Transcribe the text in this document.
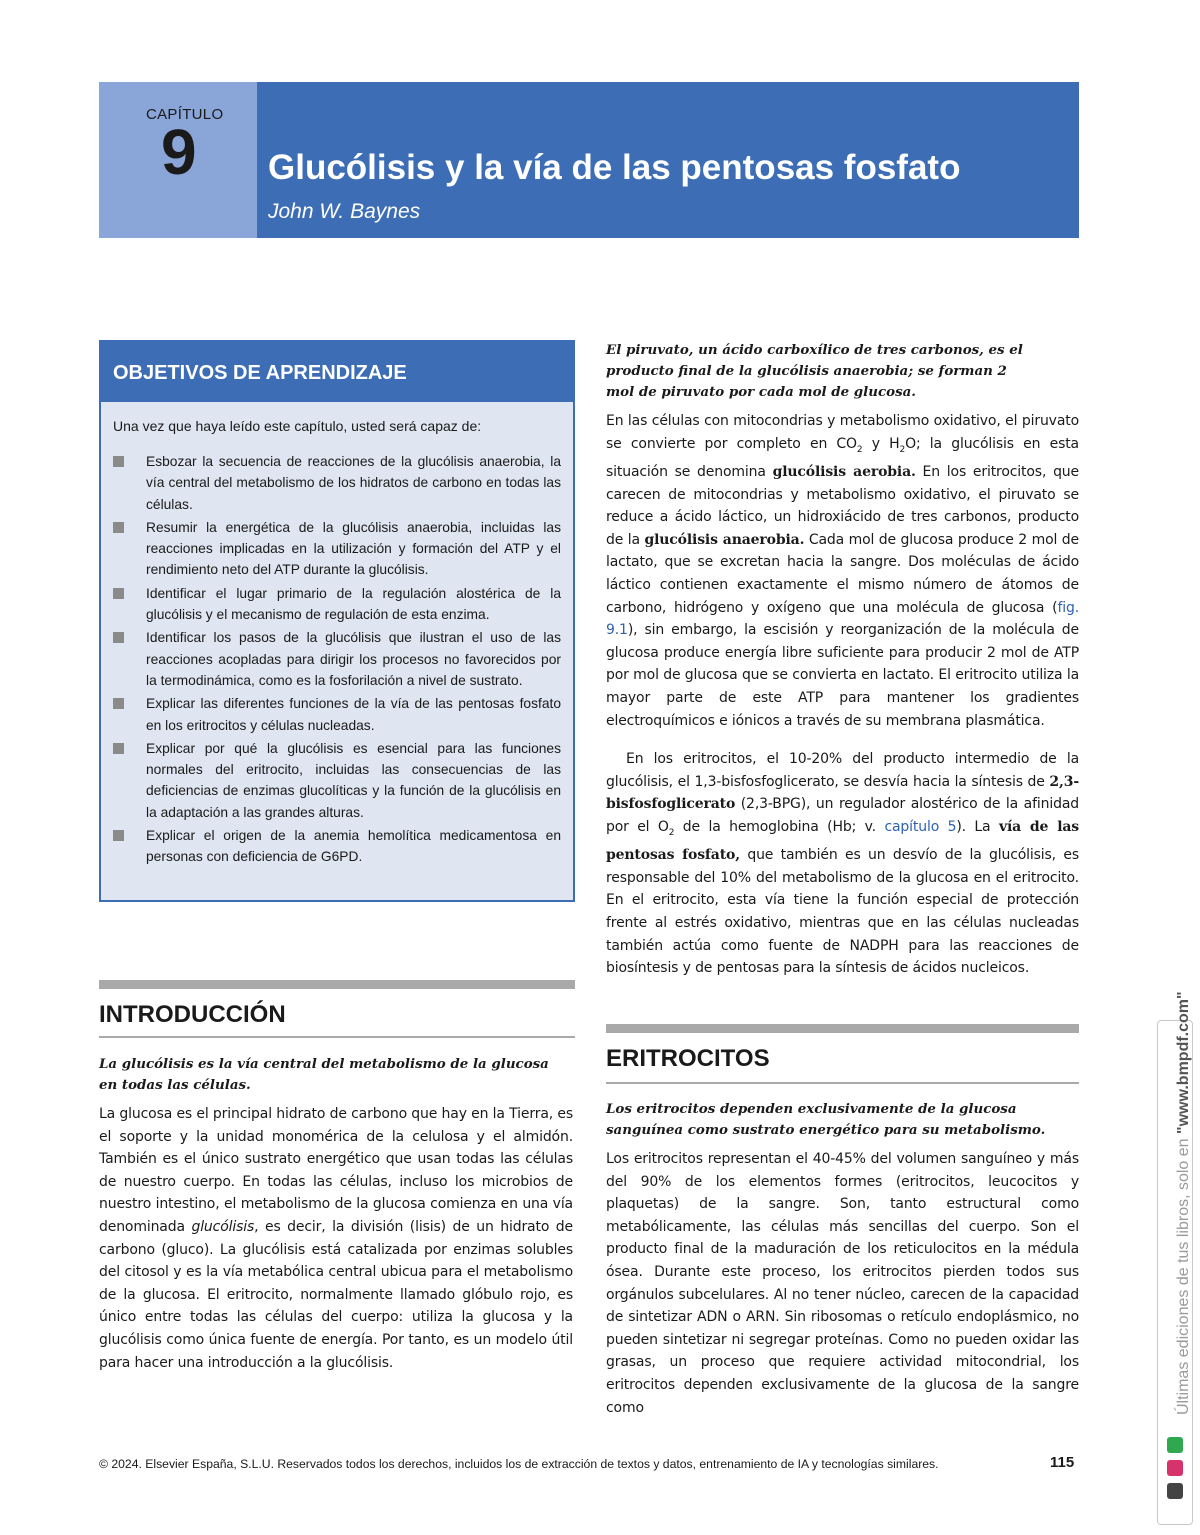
CAPÍTULO
9 Glucólisis y la vía de las pentosas fosfato
John W. Baynes
OBJETIVOS DE APRENDIZAJE
Una vez que haya leído este capítulo, usted será capaz de:
Esbozar la secuencia de reacciones de la glucólisis anaerobia, la vía central del metabolismo de los hidratos de carbono en todas las células.
Resumir la energética de la glucólisis anaerobia, incluidas las reacciones implicadas en la utilización y formación del ATP y el rendimiento neto del ATP durante la glucólisis.
Identificar el lugar primario de la regulación alostérica de la glucólisis y el mecanismo de regulación de esta enzima.
Identificar los pasos de la glucólisis que ilustran el uso de las reacciones acopladas para dirigir los procesos no favorecidos por la termodinámica, como es la fosforilación a nivel de sustrato.
Explicar las diferentes funciones de la vía de las pentosas fosfato en los eritrocitos y células nucleadas.
Explicar por qué la glucólisis es esencial para las funciones normales del eritrocito, incluidas las consecuencias de las deficiencias de enzimas glucolíticas y la función de la glucólisis en la adaptación a las grandes alturas.
Explicar el origen de la anemia hemolítica medicamentosa en personas con deficiencia de G6PD.
INTRODUCCIÓN
La glucólisis es la vía central del metabolismo de la glucosa en todas las células.
La glucosa es el principal hidrato de carbono que hay en la Tierra, es el soporte y la unidad monomérica de la celulosa y el almidón. También es el único sustrato energético que usan todas las células de nuestro cuerpo. En todas las células, incluso los microbios de nuestro intestino, el metabolismo de la glucosa comienza en una vía denominada glucólisis, es decir, la división (lisis) de un hidrato de carbono (gluco). La glucólisis está catalizada por enzimas solubles del citosol y es la vía metabólica central ubicua para el metabolismo de la glucosa. El eritrocito, normalmente llamado glóbulo rojo, es único entre todas las células del cuerpo: utiliza la glucosa y la glucólisis como única fuente de energía. Por tanto, es un modelo útil para hacer una introducción a la glucólisis.
El piruvato, un ácido carboxílico de tres carbonos, es el producto final de la glucólisis anaerobia; se forman 2 mol de piruvato por cada mol de glucosa.
En las células con mitocondrias y metabolismo oxidativo, el piruvato se convierte por completo en $CO_2$ y $H_2O$; la glucólisis en esta situación se denomina glucólisis aerobia. En los eritrocitos, que carecen de mitocondrias y metabolismo oxidativo, el piruvato se reduce a ácido láctico, un hidroxiácido de tres carbonos, producto de la glucólisis anaerobia. Cada mol de glucosa produce 2 mol de lactato, que se excretan hacia la sangre. Dos moléculas de ácido láctico contienen exactamente el mismo número de átomos de carbono, hidrógeno y oxígeno que una molécula de glucosa (fig. 9.1), sin embargo, la escisión y reorganización de la molécula de glucosa produce energía libre suficiente para producir 2 mol de ATP por mol de glucosa que se convierta en lactato. El eritrocito utiliza la mayor parte de este ATP para mantener los gradientes electroquímicos e iónicos a través de su membrana plasmática.
En los eritrocitos, el 10-20% del producto intermedio de la glucólisis, el 1,3-bisfosfoglicerato, se desvía hacia la síntesis de 2,3-bisfosfoglicerato (2,3-BPG), un regulador alostérico de la afinidad por el $O_2$ de la hemoglobina (Hb; v. capítulo 5). La vía de las pentosas fosfato, que también es un desvío de la glucólisis, es responsable del 10% del metabolismo de la glucosa en el eritrocito. En el eritrocito, esta vía tiene la función especial de protección frente al estrés oxidativo, mientras que en las células nucleadas también actúa como fuente de NADPH para las reacciones de biosíntesis y de pentosas para la síntesis de ácidos nucleicos.
ERITROCITOS
Los eritrocitos dependen exclusivamente de la glucosa sanguínea como sustrato energético para su metabolismo.
Los eritrocitos representan el 40-45% del volumen sanguíneo y más del 90% de los elementos formes (eritrocitos, leucocitos y plaquetas) de la sangre. Son, tanto estructural como metabólicamente, las células más sencillas del cuerpo. Son el producto final de la maduración de los reticulocitos en la médula ósea. Durante este proceso, los eritrocitos pierden todos sus orgánulos subcelulares. Al no tener núcleo, carecen de la capacidad de sintetizar ADN o ARN. Sin ribosomas o retículo endoplásmico, no pueden sintetizar ni segregar proteínas. Como no pueden oxidar las grasas, un proceso que requiere actividad mitocondrial, los eritrocitos dependen exclusivamente de la glucosa de la sangre como
© 2024. Elsevier España, S.L.U. Reservados todos los derechos, incluidos los de extracción de textos y datos, entrenamiento de IA y tecnologías similares.	115
Últimas ediciones de tus libros, solo en "www.bmpdf.com"
